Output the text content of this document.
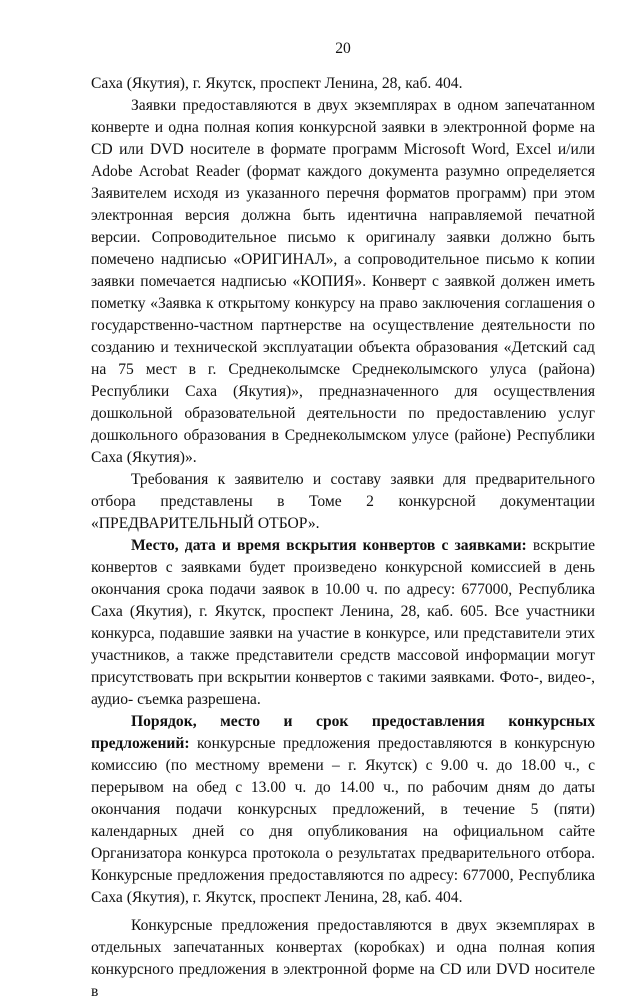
20

Саха (Якутия), г. Якутск, проспект Ленина, 28, каб. 404.

Заявки предоставляются в двух экземплярах в одном запечатанном конверте и одна полная копия конкурсной заявки в электронной форме на CD или DVD носителе в формате программ Microsoft Word, Excel и/или Adobe Acrobat Reader (формат каждого документа разумно определяется Заявителем исходя из указанного перечня форматов программ) при этом электронная версия должна быть идентична направляемой печатной версии. Сопроводительное письмо к оригиналу заявки должно быть помечено надписью «ОРИГИНАЛ», а сопроводительное письмо к копии заявки помечается надписью «КОПИЯ». Конверт с заявкой должен иметь пометку «Заявка к открытому конкурсу на право заключения соглашения о государственно-частном партнерстве на осуществление деятельности по созданию и технической эксплуатации объекта образования «Детский сад на 75 мест в г. Среднеколымске Среднеколымского улуса (района) Республики Саха (Якутия)», предназначенного для осуществления дошкольной образовательной деятельности по предоставлению услуг дошкольного образования в Среднеколымском улусе (районе) Республики Саха (Якутия)».

Требования к заявителю и составу заявки для предварительного отбора представлены в Томе 2 конкурсной документации «ПРЕДВАРИТЕЛЬНЫЙ ОТБОР».

Место, дата и время вскрытия конвертов с заявками: вскрытие конвертов с заявками будет произведено конкурсной комиссией в день окончания срока подачи заявок в 10.00 ч. по адресу: 677000, Республика Саха (Якутия), г. Якутск, проспект Ленина, 28, каб. 605. Все участники конкурса, подавшие заявки на участие в конкурсе, или представители этих участников, а также представители средств массовой информации могут присутствовать при вскрытии конвертов с такими заявками. Фото-, видео-, аудио- съемка разрешена.

Порядок, место и срок предоставления конкурсных предложений: конкурсные предложения предоставляются в конкурсную комиссию (по местному времени – г. Якутск) с 9.00 ч. до 18.00 ч., с перерывом на обед с 13.00 ч. до 14.00 ч., по рабочим дням до даты окончания подачи конкурсных предложений, в течение 5 (пяти) календарных дней со дня опубликования на официальном сайте Организатора конкурса протокола о результатах предварительного отбора. Конкурсные предложения предоставляются по адресу: 677000, Республика Саха (Якутия), г. Якутск, проспект Ленина, 28, каб. 404.

Конкурсные предложения предоставляются в двух экземплярах в отдельных запечатанных конвертах (коробках) и одна полная копия конкурсного предложения в электронной форме на CD или DVD носителе в
